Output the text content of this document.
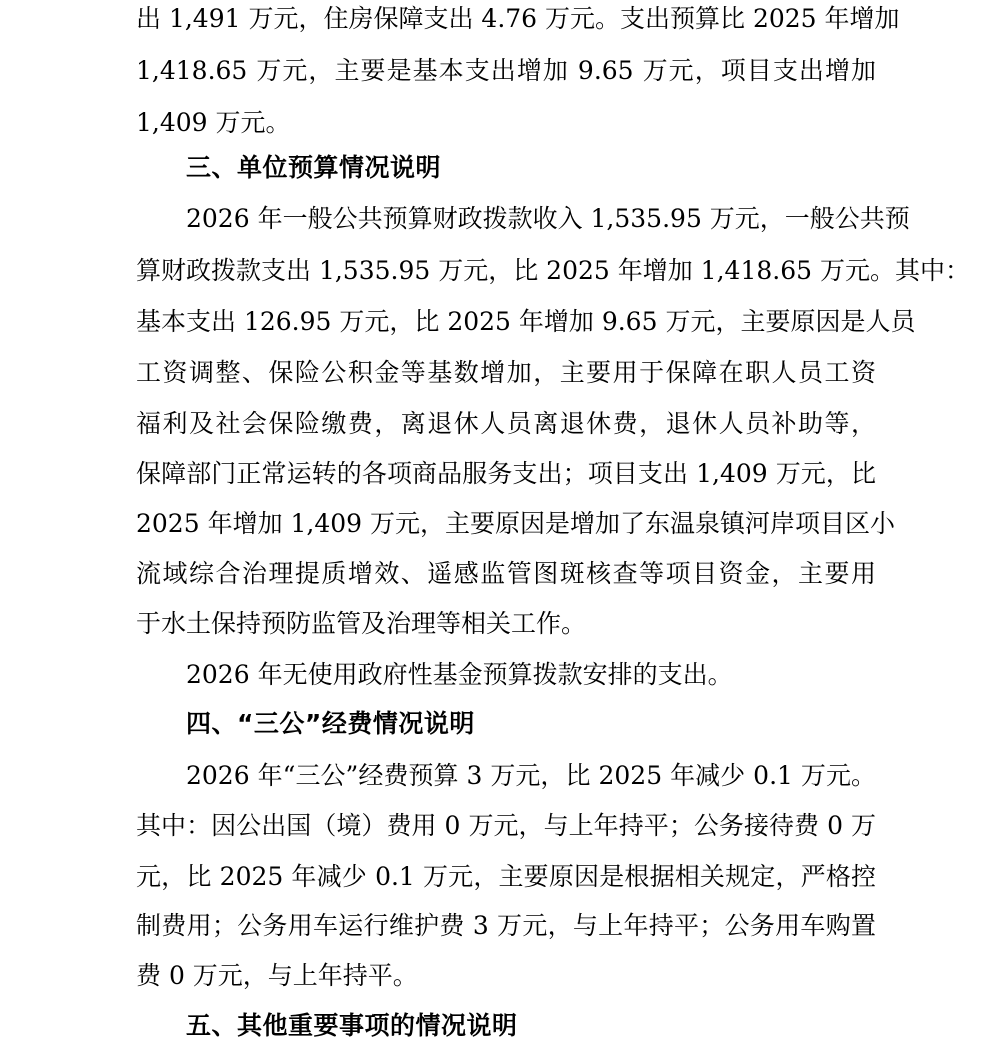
出 1,491 万元，住房保障支出 4.76 万元。支出预算比 2025 年增加
1,418.65 万元，主要是基本支出增加 9.65 万元，项目支出增加
1,409 万元。
三、单位预算情况说明
2026 年一般公共预算财政拨款收入 1,535.95 万元，一般公共预
算财政拨款支出 1,535.95 万元，比 2025 年增加 1,418.65 万元。其中：
基本支出 126.95 万元，比 2025 年增加 9.65 万元，主要原因是人员
工资调整、保险公积金等基数增加，主要用于保障在职人员工资
福利及社会保险缴费，离退休人员离退休费，退休人员补助等，
保障部门正常运转的各项商品服务支出；项目支出 1,409 万元，比
2025 年增加 1,409 万元，主要原因是增加了东温泉镇河岸项目区小
流域综合治理提质增效、遥感监管图斑核查等项目资金，主要用
于水土保持预防监管及治理等相关工作。
2026 年无使用政府性基金预算拨款安排的支出。
四、“三公”经费情况说明
2026 年“三公”经费预算 3 万元，比 2025 年减少 0.1 万元。
其中：因公出国（境）费用 0 万元，与上年持平；公务接待费 0 万
元，比 2025 年减少 0.1 万元，主要原因是根据相关规定，严格控
制费用；公务用车运行维护费 3 万元，与上年持平；公务用车购置
费 0 万元，与上年持平。
五、其他重要事项的情况说明
